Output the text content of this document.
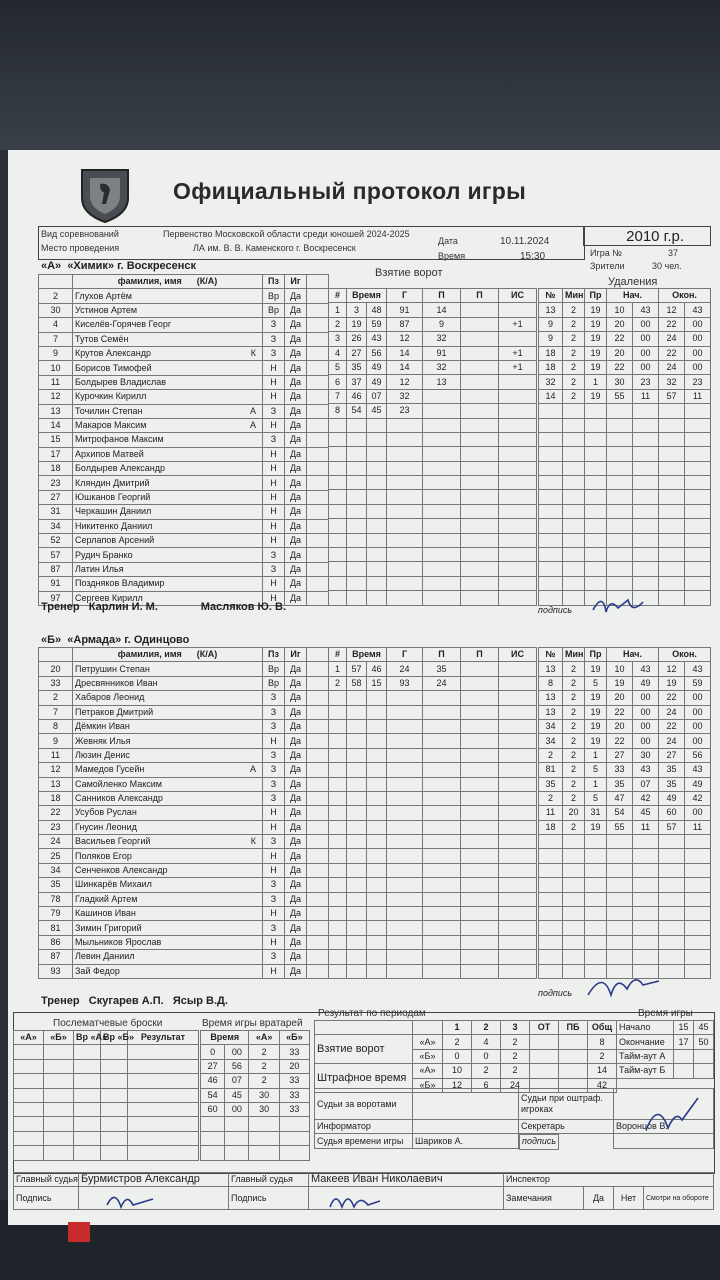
Официальный протокол игры
Вид соревнований	Первенство Московской области среди юношей 2024-2025
Место проведения	ЛА им. В. В. Каменского г. Воскресенск
Дата	10.11.2024
Время	15:30
2010 г.р.
Игра №	37
Зрители	30 чел.
«А» «Химик» г. Воскресенск
Взятие ворот
Удаления
	фамилия, имя (К/А)	Пз	Иг	
2	Глухов Артём	Вр	Да	
30	Устинов Артем	Вр	Да	
4	Киселёв-Горячев Георг	З	Да	
7	Тутов Семён	З	Да	
9	Крутов Александр К	З	Да	
10	Борисов Тимофей	Н	Да	
11	Болдырев Владислав	Н	Да	
12	Курочкин Кирилл	Н	Да	
13	Точилин Степан А	З	Да	
14	Макаров Максим А	Н	Да	
15	Митрофанов Максим	З	Да	
17	Архипов Матвей	Н	Да	
18	Болдырев Александр	Н	Да	
23	Кляндин Дмитрий	Н	Да	
27	Юшканов Георгий	Н	Да	
31	Черкашин Даниил	Н	Да	
34	Никитенко Даниил	Н	Да	
52	Серлапов Арсений	Н	Да	
57	Рудич Бранко	З	Да	
87	Латин Илья	З	Да	
91	Поздняков Владимир	Н	Да	
97	Сергеев Кирилл	Н	Да	
#	Время		Г	П	П	ИС
1	3	48	91	14		
2	19	59	87	9		+1
3	26	43	12	32		
4	27	56	14	91		+1
5	35	49	14	32		+1
6	37	49	12	13		
7	46	07	32			
8	54	45	23			

№	Мин	Пр	Нач.		Окон.	
13	2	19	10	43	12	43
9	2	19	20	00	22	00
9	2	19	22	00	24	00
18	2	19	20	00	22	00
18	2	19	22	00	24	00
32	2	1	30	23	32	23
14	2	19	55	11	57	11

Тренер Карлин И. М.	Масляков Ю. В.	подпись
«Б» «Армада» г. Одинцово
	фамилия, имя (К/А)	Пз	Иг	
20	Петрушин Степан	Вр	Да	
33	Дресвянников Иван	Вр	Да	
2	Хабаров Леонид	З	Да	
7	Петраков Дмитрий	З	Да	
8	Дёмкин Иван	З	Да	
9	Жевняк Илья	Н	Да	
11	Люзин Денис	З	Да	
12	Мамедов Гусейн А	З	Да	
13	Самойленко Максим	З	Да	
18	Санников Александр	З	Да	
22	Усубов Руслан	Н	Да	
23	Гнусин Леонид	Н	Да	
24	Васильев Георгий К	З	Да	
25	Поляков Егор	Н	Да	
34	Сенченков Александр	Н	Да	
35	Шинкарёв Михаил	З	Да	
78	Гладкий Артем	З	Да	
79	Кашинов Иван	Н	Да	
81	Зимин Григорий	З	Да	
86	Мыльников Ярослав	Н	Да	
87	Левин Даниил	З	Да	
93	Зай Федор	Н	Да	
#	Время		Г	П	П	ИС
1	57	46	24	35		
2	58	15	93	24		

№	Мин	Пр	Нач.		Окон.	
13	2	19	10	43	12	43
8	2	5	19	49	19	59
13	2	19	20	00	22	00
13	2	19	22	00	24	00
34	2	19	20	00	22	00
34	2	19	22	00	24	00
2	2	1	27	30	27	56
81	2	5	33	43	35	43
35	2	1	35	07	35	49
2	2	5	47	42	49	42
11	20	31	54	45	60	00
18	2	19	55	11	57	11

Тренер Скугарев А.П. Ясыр В.Д.
подпись
Послематчевые броски
«А»	«Б»	Вр «А»	Вр «Б»	Результат

Время игры вратарей
Время		«А»	«Б»
0	00	2	33
27	56	2	20
46	07	2	33
54	45	30	33
60	00	30	33

Результат по периодам
		1	2	3	ОТ	ПБ	Общ
Взятие ворот	«А»	2	4	2			8
	«Б»	0	0	2			2
Штрафное время	«А»	10	2	2			14
	«Б»	12	6	24			42
Время игры
Начало	15	45
Окончание	17	50
Тайм-аут А		
Тайм-аут Б		
Судьи за воротами		Судьи при оштраф. игроках	

Информатор		Секретарь	Воронцов В.
Судья времени игры	Шариков А.		подпись
Главный судья	Бурмистров Александр	Главный судья	Макеев Иван Николаевич	Инспектор			
Подпись		Подпись		Замечания	Да	Нет	Смотри на обороте
